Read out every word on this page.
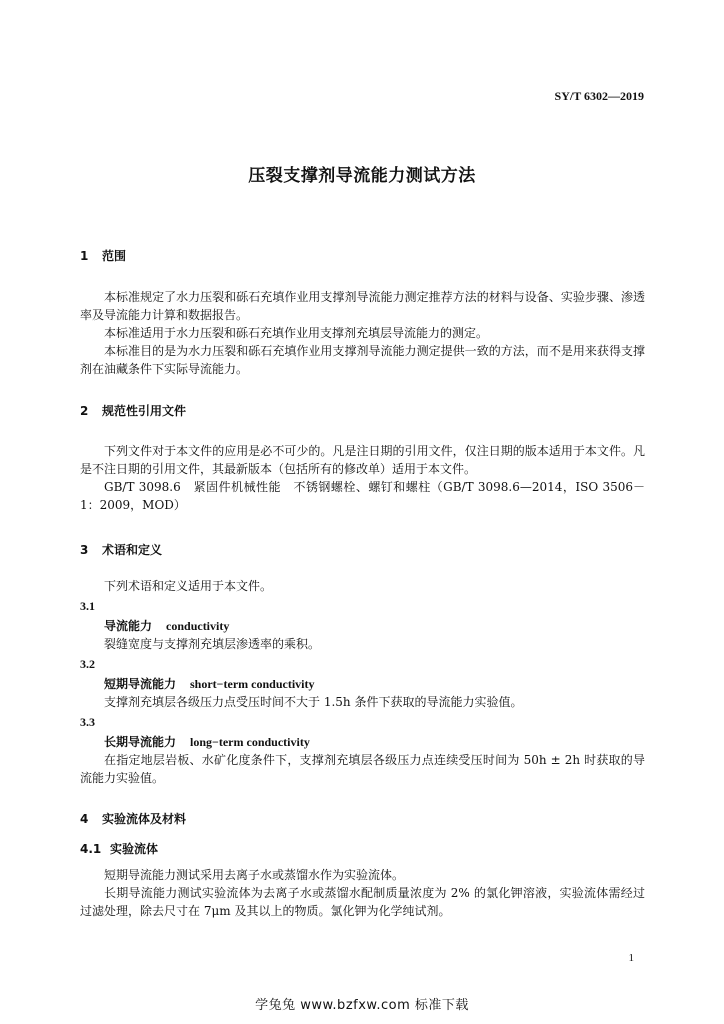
SY/T 6302—2019
压裂支撑剂导流能力测试方法
1 范围
本标准规定了水力压裂和砾石充填作业用支撑剂导流能力测定推荐方法的材料与设备、实验步骤、渗透率及导流能力计算和数据报告。
本标准适用于水力压裂和砾石充填作业用支撑剂充填层导流能力的测定。
本标准目的是为水力压裂和砾石充填作业用支撑剂导流能力测定提供一致的方法，而不是用来获得支撑剂在油藏条件下实际导流能力。
2 规范性引用文件
下列文件对于本文件的应用是必不可少的。凡是注日期的引用文件，仅注日期的版本适用于本文件。凡是不注日期的引用文件，其最新版本（包括所有的修改单）适用于本文件。
GB/T 3098.6　紧固件机械性能　不锈钢螺栓、螺钉和螺柱（GB/T 3098.6—2014，ISO 3506－1：2009，MOD）
3 术语和定义
下列术语和定义适用于本文件。
3.1
导流能力 conductivity
裂缝宽度与支撑剂充填层渗透率的乘积。
3.2
短期导流能力 short−term conductivity
支撑剂充填层各级压力点受压时间不大于 1.5h 条件下获取的导流能力实验值。
3.3
长期导流能力 long−term conductivity
在指定地层岩板、水矿化度条件下，支撑剂充填层各级压力点连续受压时间为 50h ± 2h 时获取的导流能力实验值。
4 实验流体及材料
4.1 实验流体
短期导流能力测试采用去离子水或蒸馏水作为实验流体。
长期导流能力测试实验流体为去离子水或蒸馏水配制质量浓度为 2% 的氯化钾溶液，实验流体需经过过滤处理，除去尺寸在 7μm 及其以上的物质。氯化钾为化学纯试剂。
1
学兔兔 www.bzfxw.com 标准下载
